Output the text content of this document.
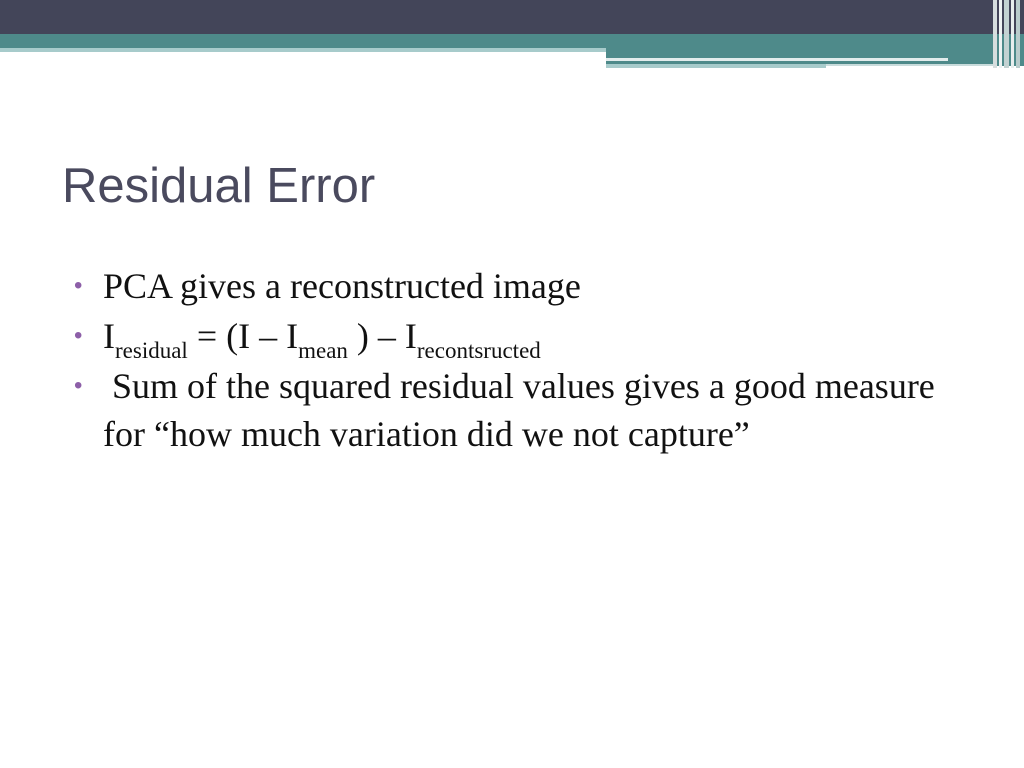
Residual Error
• PCA gives a reconstructed image
• $I_{residual} = (I - I_{mean}$ ) – $I_{recontsructed}$
• Sum of the squared residual values gives a good measure for “how much variation did we not capture”
